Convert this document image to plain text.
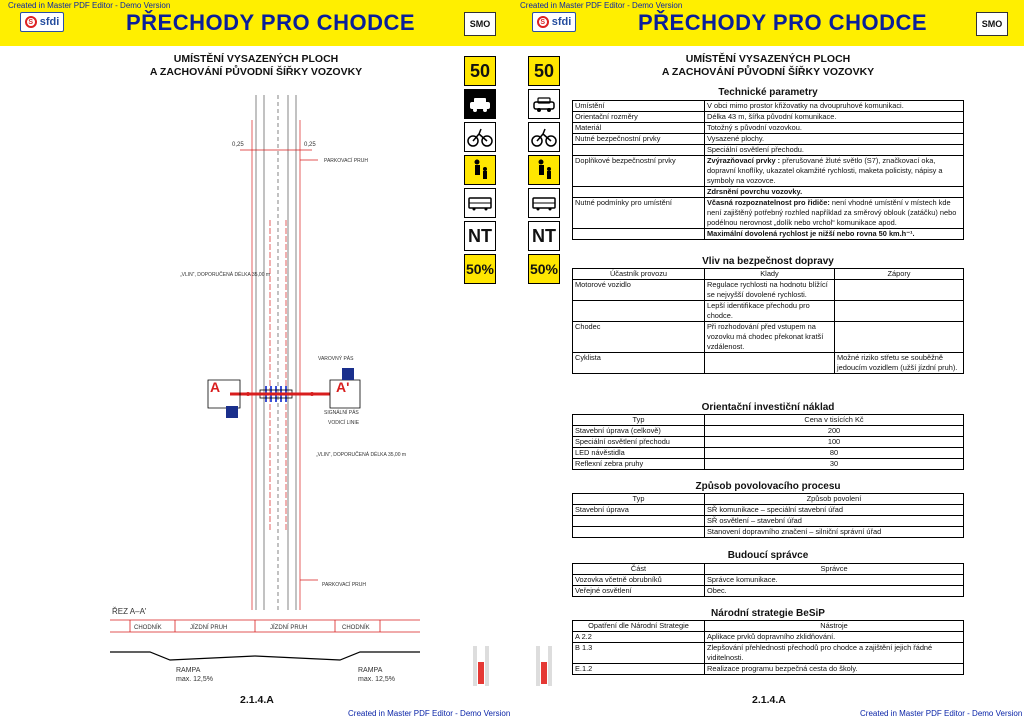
Created in Master PDF Editor - Demo Version	Created in Master PDF Editor - Demo Version
S sfdi	S sfdi
PŘECHODY PRO CHODCE	PŘECHODY PRO CHODCE
SMO	SMO
UMÍSTĚNÍ VYSAZENÝCH PLOCH
A ZACHOVÁNÍ PŮVODNÍ ŠÍŘKY VOZOVKY
0,25	0,25
PARKOVACÍ PRUH
„VLIN“, DOPORUČENÁ DÉLKA 35,00 m
VAROVNÝ PÁS
A	A'
SIGNÁLNÍ PÁS
VODICÍ LINIE
„VLIN“, DOPORUČENÁ DÉLKA 35,00 m
PARKOVACÍ PRUH
ŘEZ A–A'
CHODNÍK	JÍZDNÍ PRUH	JÍZDNÍ PRUH	CHODNÍK
RAMPA
max. 12,5%
RAMPA
max. 12,5%
2.1.4.A
50
NT
50%
50
NT
50%
UMÍSTĚNÍ VYSAZENÝCH PLOCH
A ZACHOVÁNÍ PŮVODNÍ ŠÍŘKY VOZOVKY
Technické parametry
Umístění	V obci mimo prostor křižovatky na dvoupruhové komunikaci.
Orientační rozměry	Délka 43 m, šířka původní komunikace.
Materiál	Totožný s původní vozovkou.
Nutné bezpečnostní prvky	Vysazené plochy.
	Speciální osvětlení přechodu.
Doplňkové bezpečnostní prvky	Zvýrazňovací prvky : přerušované žluté světlo (S7), značkovací oka, dopravní knoflíky, ukazatel okamžité rychlosti, maketa policisty, nápisy a symboly na vozovce.
	Zdrsnění povrchu vozovky.
Nutné podmínky pro umístění	Včasná rozpoznatelnost pro řidiče: není vhodné umístění v místech kde není zajištěný potřebný rozhled například za směrový oblouk (zatáčku) nebo podélnou nerovnost „dolík nebo vrchol“ komunikace apod.
	Maximální dovolená rychlost je nižší nebo rovna 50 km.h⁻¹.
Vliv na bezpečnost dopravy
Účastník provozu	Klady	Zápory
Motorové vozidlo	Regulace rychlosti na hodnotu blížící se nejvyšší dovolené rychlosti.	
	Lepší identifikace přechodu pro chodce.	
Chodec	Při rozhodování před vstupem na vozovku má chodec překonat kratší vzdálenost.	
Cyklista		Možné riziko střetu se souběžně jedoucím vozidlem (užší jízdní pruh).
Orientační investiční náklad
Typ	Cena v tisících Kč
Stavební úprava (celkově)	200
Speciální osvětlení přechodu	100
LED návěstidla	80
Reflexní zebra pruhy	30
Způsob povolovacího procesu
Typ	Způsob povolení
Stavební úprava	SŘ komunikace – speciální stavební úřad
	SŘ osvětlení – stavební úřad
	Stanovení dopravního značení – silniční správní úřad
Budoucí správce
Část	Správce
Vozovka včetně obrubníků	Správce komunikace.
Veřejné osvětlení	Obec.
Národní strategie BeSiP
Opatření dle Národní Strategie	Nástroje
A 2.2	Aplikace prvků dopravního zklidňování.
B 1.3	Zlepšování přehlednosti přechodů pro chodce a zajištění jejich řádné viditelnosti.
E.1.2	Realizace programu bezpečná cesta do školy.
2.1.4.A
Created in Master PDF Editor - Demo Version	Created in Master PDF Editor - Demo Version
